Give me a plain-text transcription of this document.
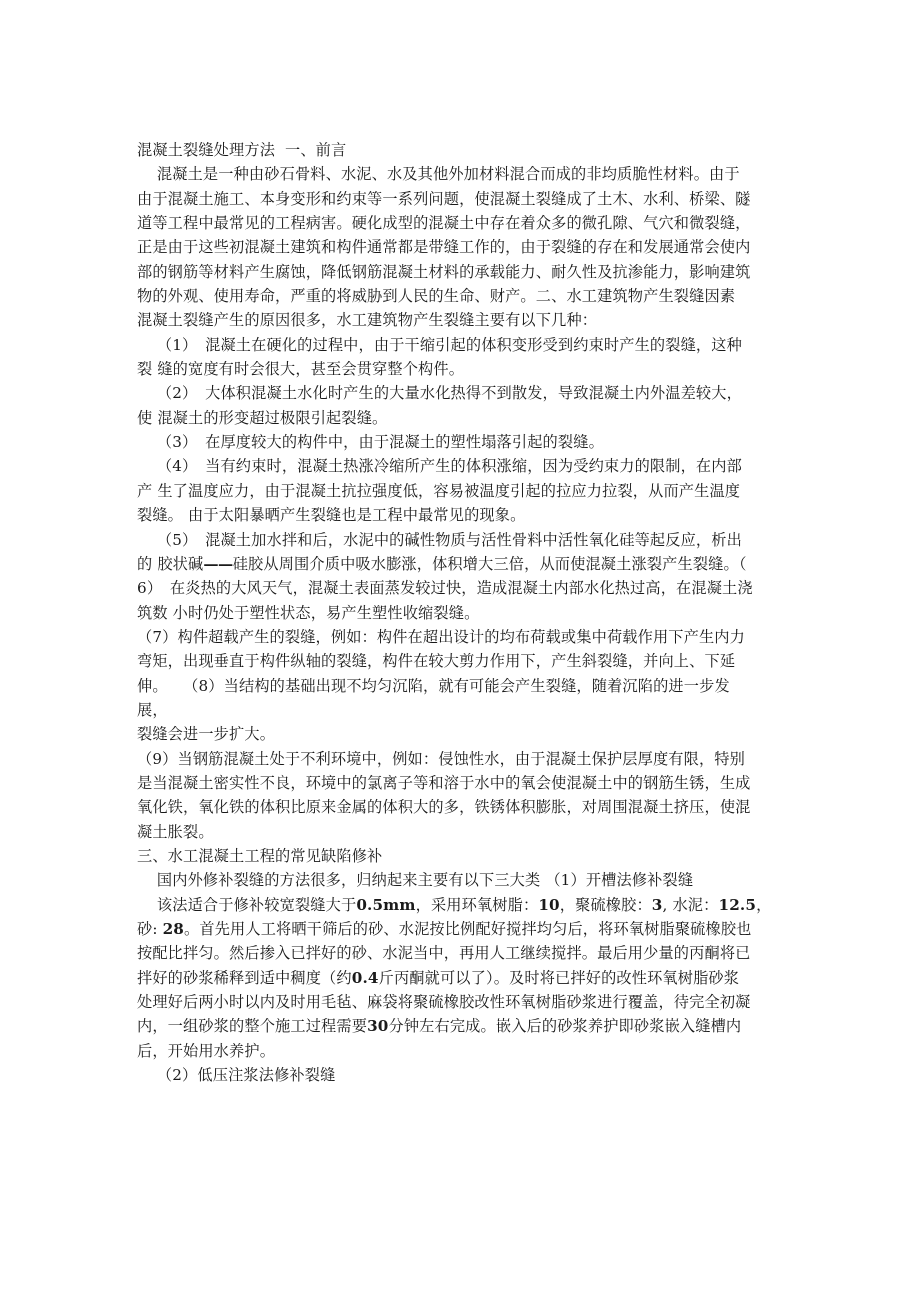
混凝土裂缝处理方法  一、前言
混凝土是一种由砂石骨料、水泥、水及其他外加材料混合而成的非均质脆性材料。由于
由于混凝土施工、本身变形和约束等一系列问题，使混凝土裂缝成了土木、水利、桥梁、隧
道等工程中最常见的工程病害。硬化成型的混凝土中存在着众多的微孔隙、气穴和微裂缝，
正是由于这些初混凝土建筑和构件通常都是带缝工作的，由于裂缝的存在和发展通常会使内
部的钢筋等材料产生腐蚀，降低钢筋混凝土材料的承载能力、耐久性及抗渗能力，影响建筑
物的外观、使用寿命，严重的将威胁到人民的生命、财产。二、水工建筑物产生裂缝因素
混凝土裂缝产生的原因很多，水工建筑物产生裂缝主要有以下几种：
（1）　混凝土在硬化的过程中，由于干缩引起的体积变形受到约束时产生的裂缝，这种
裂 缝的宽度有时会很大，甚至会贯穿整个构件。
（2）　大体积混凝土水化时产生的大量水化热得不到散发，导致混凝土内外温差较大，
使 混凝土的形变超过极限引起裂缝。
（3）　在厚度较大的构件中，由于混凝土的塑性塌落引起的裂缝。
（4）　当有约束时，混凝土热涨冷缩所产生的体积涨缩，因为受约束力的限制，在内部
产 生了温度应力，由于混凝土抗拉强度低，容易被温度引起的拉应力拉裂，从而产生温度
裂缝。 由于太阳暴晒产生裂缝也是工程中最常见的现象。
（5）　混凝土加水拌和后，水泥中的碱性物质与活性骨料中活性氧化硅等起反应，析出
的 胶状碱——硅胶从周围介质中吸水膨涨，体积增大三倍，从而使混凝土涨裂产生裂缝。（
6）　在炎热的大风天气，混凝土表面蒸发较过快，造成混凝土内部水化热过高，在混凝土浇
筑数 小时仍处于塑性状态，易产生塑性收缩裂缝。
（7）构件超载产生的裂缝，例如：构件在超出设计的均布荷载或集中荷载作用下产生内力
弯矩，出现垂直于构件纵轴的裂缝，构件在较大剪力作用下，产生斜裂缝，并向上、下延
伸。　　（8）当结构的基础出现不均匀沉陷，就有可能会产生裂缝，随着沉陷的进一步发
展，
裂缝会进一步扩大。
（9）当钢筋混凝土处于不利环境中，例如：侵蚀性水，由于混凝土保护层厚度有限，特别
是当混凝土密实性不良，环境中的氯离子等和溶于水中的氧会使混凝土中的钢筋生锈，生成
氧化铁，氧化铁的体积比原来金属的体积大的多，铁锈体积膨胀，对周围混凝土挤压，使混
凝土胀裂。
三、水工混凝土工程的常见缺陷修补
国内外修补裂缝的方法很多，归纳起来主要有以下三大类 （1）开槽法修补裂缝
该法适合于修补较宽裂缝大于0.5mm，采用环氧树脂：10，聚硫橡胶：3, 水泥：12.5，
砂: 28。首先用人工将晒干筛后的砂、水泥按比例配好搅拌均匀后，将环氧树脂聚硫橡胶也
按配比拌匀。然后掺入已拌好的砂、水泥当中，再用人工继续搅拌。最后用少量的丙酮将已
拌好的砂浆稀释到适中稠度（约0.4斤丙酮就可以了）。及时将已拌好的改性环氧树脂砂浆
处理好后两小时以内及时用毛毡、麻袋将聚硫橡胶改性环氧树脂砂浆进行覆盖，待完全初凝
内，一组砂浆的整个施工过程需要30分钟左右完成。嵌入后的砂浆养护即砂浆嵌入缝槽内
后，开始用水养护。
（2）低压注浆法修补裂缝
